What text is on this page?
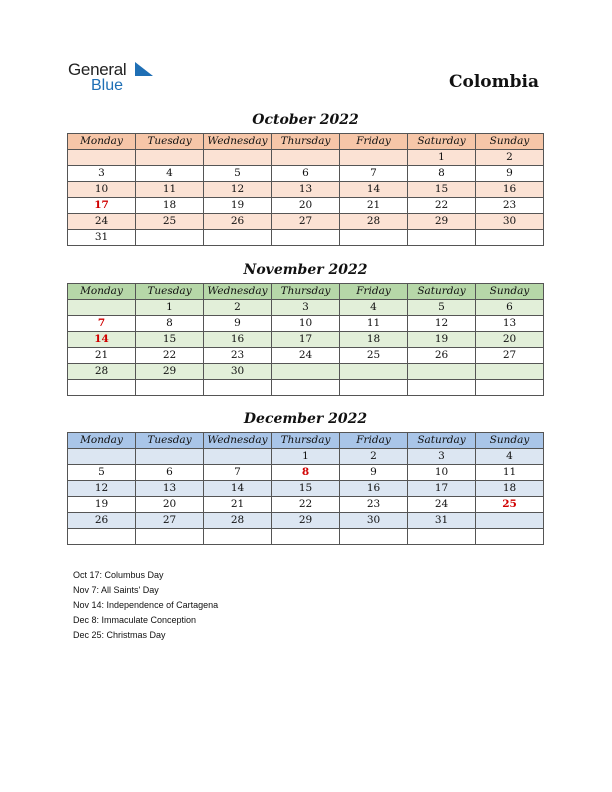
General
Blue	Colombia
October 2022
Monday	Tuesday	Wednesday	Thursday	Friday	Saturday	Sunday
					1	2
3	4	5	6	7	8	9
10	11	12	13	14	15	16
17	18	19	20	21	22	23
24	25	26	27	28	29	30
31						
November 2022
Monday	Tuesday	Wednesday	Thursday	Friday	Saturday	Sunday
	1	2	3	4	5	6
7	8	9	10	11	12	13
14	15	16	17	18	19	20
21	22	23	24	25	26	27
28	29	30				

December 2022
Monday	Tuesday	Wednesday	Thursday	Friday	Saturday	Sunday
			1	2	3	4
5	6	7	8	9	10	11
12	13	14	15	16	17	18
19	20	21	22	23	24	25
26	27	28	29	30	31	

Oct 17: Columbus Day
Nov 7: All Saints' Day
Nov 14: Independence of Cartagena
Dec 8: Immaculate Conception
Dec 25: Christmas Day
